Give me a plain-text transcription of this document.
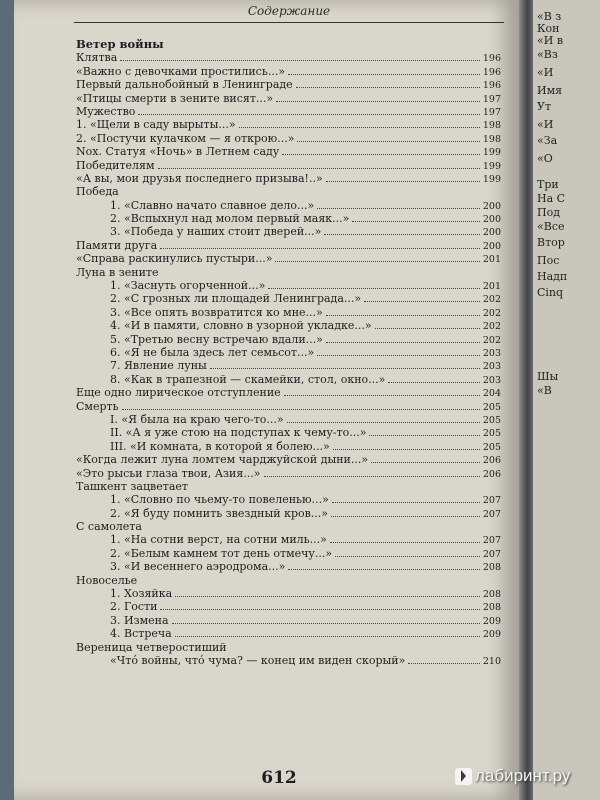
Содержание
Ветер войны
Клятва	196
«Важно с девочками простились...»	196
Первый дальнобойный в Ленинграде	196
«Птицы смерти в зените висят...»	197
Мужество	197
1. «Щели в саду вырыты...»	198
2. «Постучи кулачком — я открою...»	198
Nox. Статуя «Ночь» в Летнем саду	199
Победителям	199
«А вы, мои друзья последнего призыва!..»	199
Победа
1. «Славно начато славное дело...»	200
2. «Вспыхнул над молом первый маяк...»	200
3. «Победа у наших стоит дверей...»	200
Памяти друга	200
«Справа раскинулись пустыри...»	201
Луна в зените
1. «Заснуть огорченной...»	201
2. «С грозных ли площадей Ленинграда...»	202
3. «Все опять возвратится ко мне...»	202
4. «И в памяти, словно в узорной укладке...»	202
5. «Третью весну встречаю вдали...»	202
6. «Я не была здесь лет семьсот...»	203
7. Явление луны	203
8. «Как в трапезной — скамейки, стол, окно...»	203
Еще одно лирическое отступление	204
Смерть	205
I. «Я была на краю чего-то...»	205
II. «А я уже стою на подступах к чему-то...»	205
III. «И комната, в которой я болею...»	205
«Когда лежит луна ломтем чарджуйской дыни...»	206
«Это рысьи глаза твои, Азия...»	206
Ташкент зацветает
1. «Словно по чьему-то повеленью...»	207
2. «Я буду помнить звездный кров...»	207
С самолета
1. «На сотни верст, на сотни миль...»	207
2. «Белым камнем тот день отмечу...»	207
3. «И весеннего аэродрома...»	208
Новоселье
1. Хозяйка	208
2. Гости	208
3. Измена	209
4. Встреча	209
Вереница четверостиший
«Чтó войны, чтó чума? — конец им виден скорый»	210
612
«В з
Кон
«И в
«Вз
«И
Имя
Ут
«И
«За
«О
Три
На С
Под
«Все
Втор
Пос
Надп
Cinq
Шы
«В
лабиринт.ру
